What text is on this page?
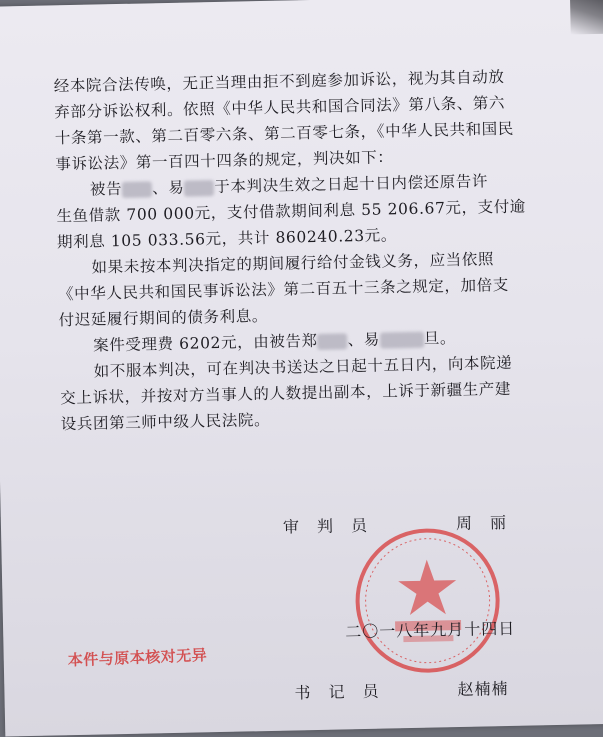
经本院合法传唤，无正当理由拒不到庭参加诉讼，视为其自动放
弃部分诉讼权利。依照《中华人民共和国合同法》第八条、第六
十条第一款、第二百零六条、第二百零七条，《中华人民共和国民
事诉讼法》第一百四十四条的规定，判决如下：
被告 、易 于本判决生效之日起十日内偿还原告许
生鱼借款 700 000元，支付借款期间利息 55 206.67元，支付逾
期利息 105 033.56元，共计 860240.23元。
如果未按本判决指定的期间履行给付金钱义务，应当依照
《中华人民共和国民事诉讼法》第二百五十三条之规定，加倍支
付迟延履行期间的债务利息。
案件受理费 6202元，由被告郑 、易	旦。
如不服本判决，可在判决书送达之日起十五日内，向本院递
交上诉状，并按对方当事人的人数提出副本，上诉于新疆生产建
设兵团第三师中级人民法院。
审　判　员	周　丽
二〇一八年九月十四日
本件与原本核对无异
书　记　员	赵楠楠
